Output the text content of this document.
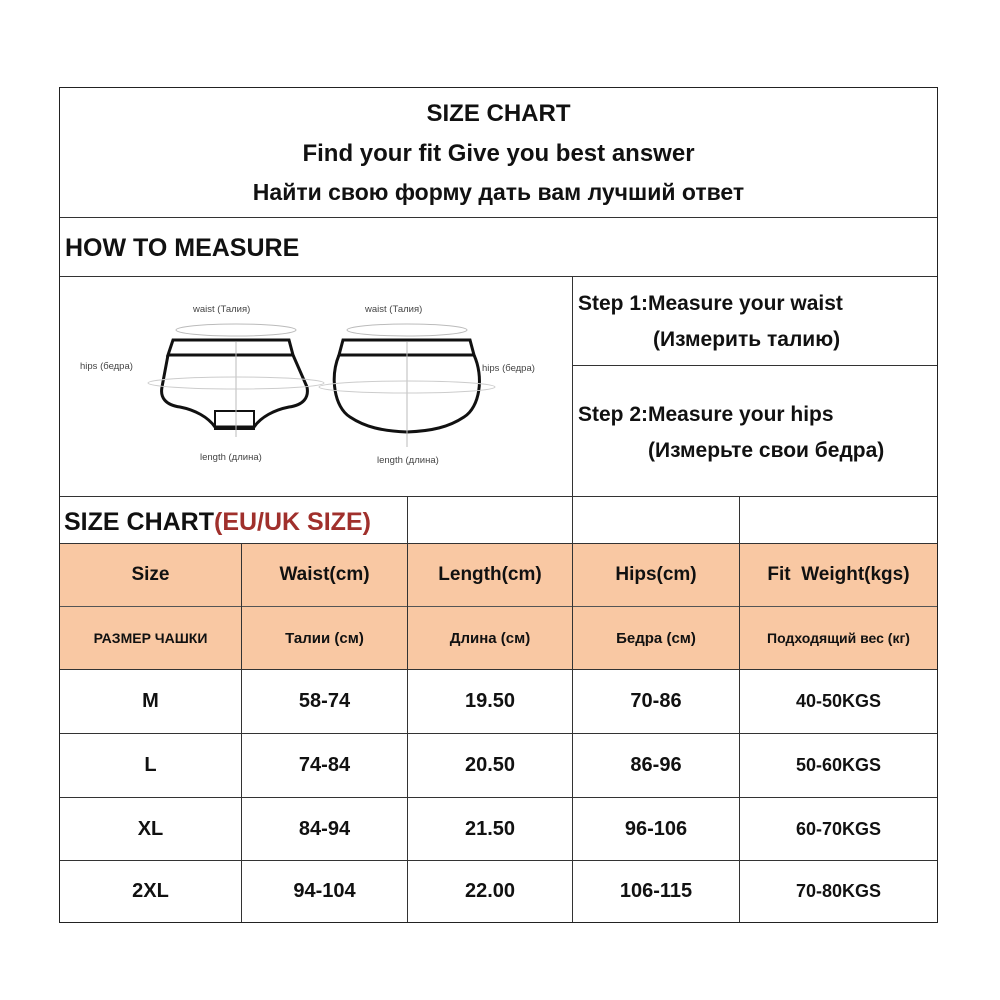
SIZE CHART
Find your fit Give you best answer
Найти свою форму дать вам лучший ответ
HOW TO MEASURE
waist (Талия)
hips (бедра)
length (длина)
waist (Талия)
hips (бедра)
length (длина)
Step 1:Measure your waist
(Измерить талию)
Step 2:Measure your hips
(Измерьте свои бедра)
SIZE CHART(EU/UK SIZE)
Size	Waist(cm)	Length(cm)	Hips(cm)	Fit  Weight(kgs)
РАЗМЕР ЧАШКИ	Талии (см)	Длина (см)	Бедра (см)	Подходящий вес (кг)
M	58-74	19.50	70-86	40-50KGS
L	74-84	20.50	86-96	50-60KGS
XL	84-94	21.50	96-106	60-70KGS
2XL	94-104	22.00	106-115	70-80KGS
